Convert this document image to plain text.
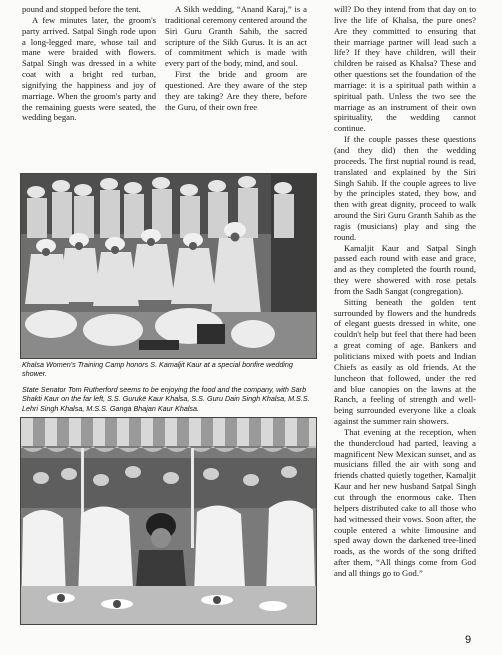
pound and stopped before the tent.

A few minutes later, the groom's party arrived. Satpal Singh rode upon a long-legged mare, whose tail and mane were braided with flowers. Satpal Singh was dressed in a white coat with a bright red turban, signifying the happiness and joy of marriage. When the groom's party and the remaining guests were seated, the wedding began.

A Sikh wedding, “Anand Karaj,” is a traditional ceremony centered around the Siri Guru Granth Sahib, the sacred scripture of the Sikh Gurus. It is an act of commitment which is made with every part of the body, mind, and soul.

First the bride and groom are questioned. Are they aware of the step they are taking? Are they there, before the Guru, of their own free

will? Do they intend from that day on to live the life of Khalsa, the pure ones? Are they committed to ensuring that their marriage partner will lead such a life? If they have children, will their children be raised as Khalsa? These and other questions set the foundation of the marriage: it is a spiritual path within a spiritual path. Unless the two see the marriage as an instrument of their own spirituality, the wedding cannot continue.

If the couple passes these questions (and they did) then the wedding proceeds. The first nuptial round is read, translated and explained by the Siri Singh Sahib. If the couple agrees to live by the principles stated, they bow, and then with great dignity, proceed to walk around the Siri Guru Granth Sahib as the ragis (musicians) play and sing the round.

Kamaljit Kaur and Satpal Singh passed each round with ease and grace, and as they completed the fourth round, they were showered with rose petals from the Sadh Sangat (congregation).

Sitting beneath the golden tent surrounded by flowers and the hundreds of elegant guests dressed in white, one couldn't help but feel that there had been a great coming of age. Bankers and politicians mixed with poets and Indian Chiefs as easily as old friends. At the luncheon that followed, under the red and blue canopies on the lawns at the Ranch, a feeling of strength and well-being surrounded everyone like a cloak against the summer rain showers.

That evening at the reception, when the thundercloud had parted, leaving a magnificent New Mexican sunset, and as musicians filled the air with song and friends chatted quietly together, Kamaljit Kaur and her new husband Satpal Singh cut through the enormous cake. Then helpers distributed cake to all those who had witnessed their vows. Soon after, the couple entered a white limousine and sped away down the darkened tree-lined roads, as the words of the song drifted after them, “All things come from God and all things go to God.”

Khalsa Women's Training Camp honors S. Kamaljit Kaur at a special bonfire wedding shower.
State Senator Tom Rutherford seems to be enjoying the food and the company, with Sarb Shakti Kaur on the far left, S.S. Gurukë Kaur Khalsa, S.S. Guru Dain Singh Khalsa, M.S.S. Lehri Singh Khalsa, M.S.S. Ganga Bhajan Kaur Khalsa.
9
